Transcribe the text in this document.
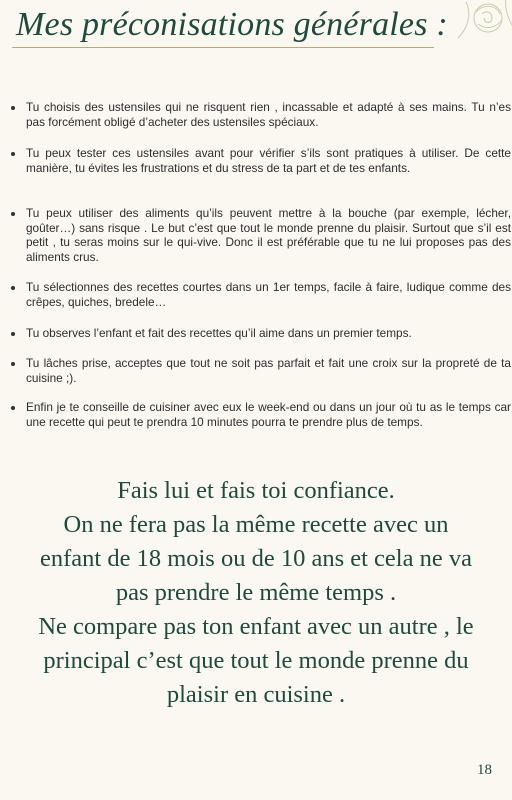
Mes préconisations générales :
Tu choisis des ustensiles qui ne risquent rien , incassable et adapté à ses mains. Tu n’es pas forcément obligé d’acheter des ustensiles spéciaux.
Tu peux tester ces ustensiles avant pour vérifier s’ils sont pratiques à utiliser. De cette manière, tu évites les frustrations et du stress de ta part et de tes enfants.
Tu peux utiliser des aliments qu’ils peuvent mettre à la bouche (par exemple, lécher, goûter…) sans risque . Le but c’est que tout le monde prenne du plaisir. Surtout que s’il est petit , tu seras moins sur le qui-vive. Donc il est préférable que tu ne lui proposes pas des aliments crus.
Tu sélectionnes des recettes courtes dans un 1er temps, facile à faire, ludique comme des crêpes, quiches, bredele…
Tu observes l’enfant et fait des recettes qu’il aime dans un premier temps.
Tu lâches prise, acceptes que tout ne soit pas parfait et fait une croix sur la propreté de ta cuisine ;).
Enfin je te conseille de cuisiner avec eux le week-end ou dans un jour où tu as le temps car une recette qui peut te prendra 10 minutes pourra te prendre plus de temps.
Fais lui et fais toi confiance.
On ne fera pas la même recette avec un
enfant de 18 mois ou de 10 ans et cela ne va
pas prendre le même temps .
Ne compare pas ton enfant avec un autre , le
principal c’est que tout le monde prenne du
plaisir en cuisine .
18
